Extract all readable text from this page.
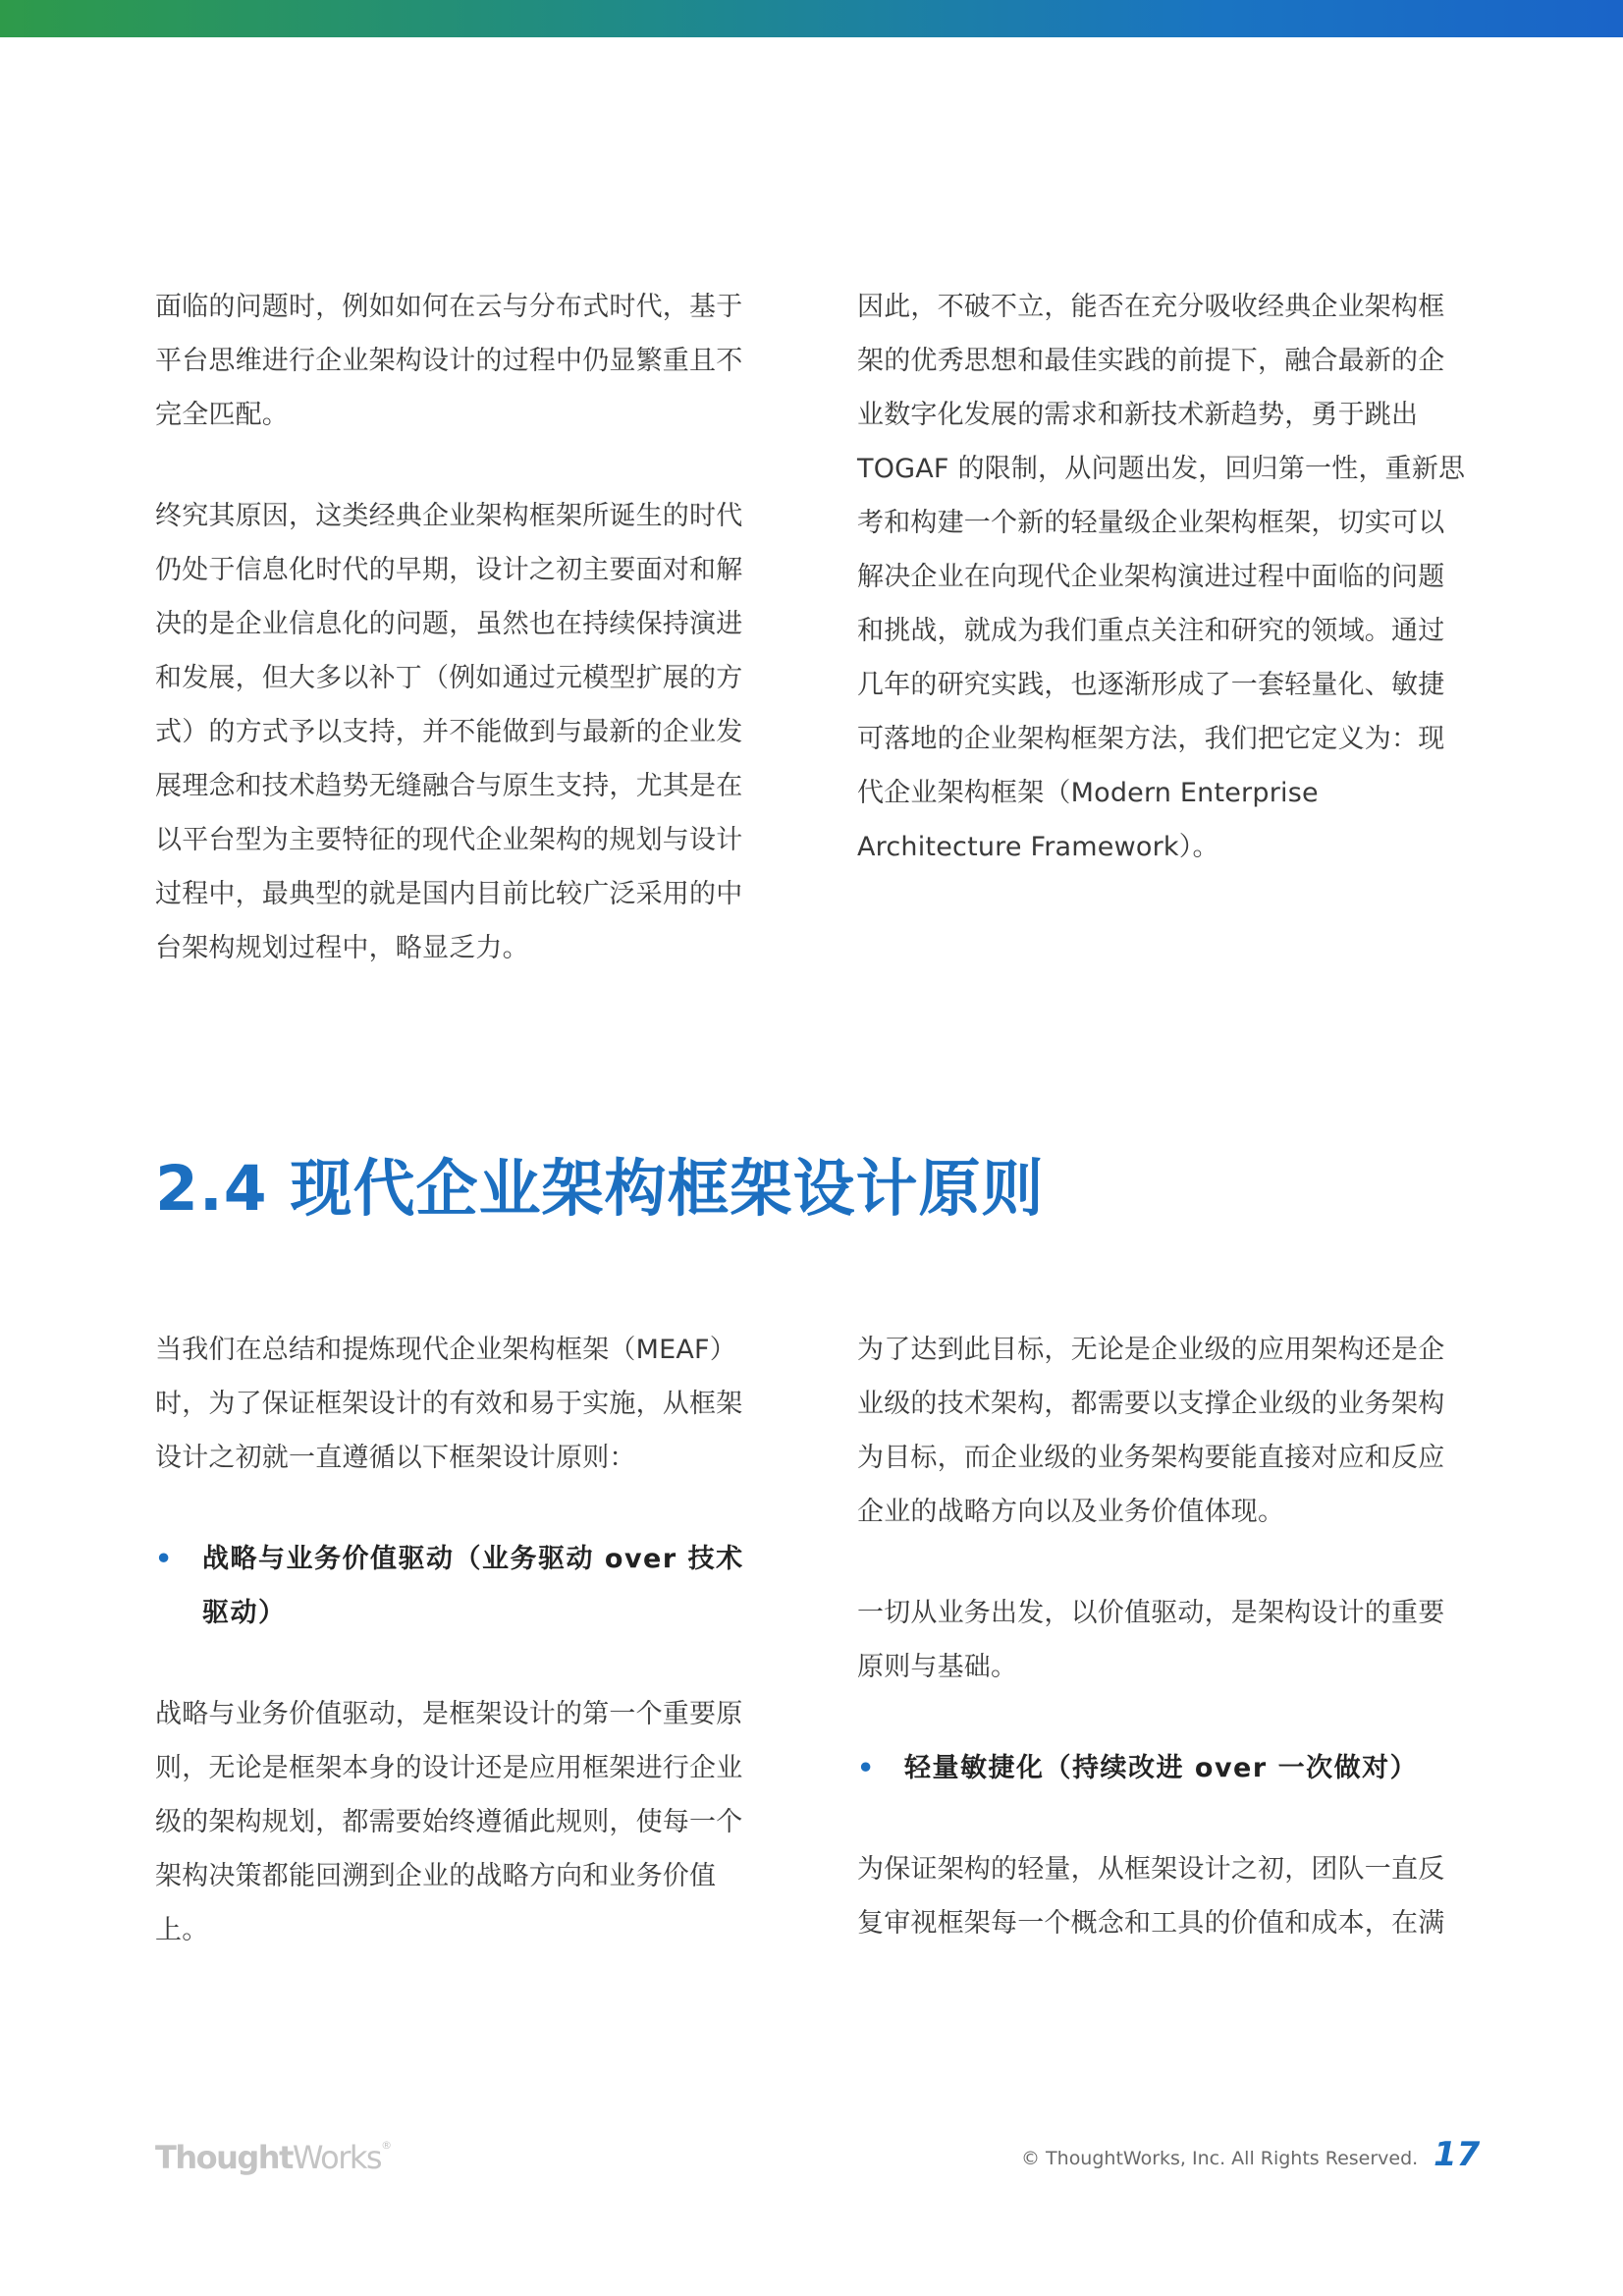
面临的问题时，例如如何在云与分布式时代，基于平台思维进行企业架构设计的过程中仍显繁重且不完全匹配。

终究其原因，这类经典企业架构框架所诞生的时代仍处于信息化时代的早期，设计之初主要面对和解决的是企业信息化的问题，虽然也在持续保持演进和发展，但大多以补丁（例如通过元模型扩展的方式）的方式予以支持，并不能做到与最新的企业发展理念和技术趋势无缝融合与原生支持，尤其是在以平台型为主要特征的现代企业架构的规划与设计过程中，最典型的就是国内目前比较广泛采用的中台架构规划过程中，略显乏力。

因此，不破不立，能否在充分吸收经典企业架构框架的优秀思想和最佳实践的前提下，融合最新的企业数字化发展的需求和新技术新趋势，勇于跳出 TOGAF 的限制，从问题出发，回归第一性，重新思考和构建一个新的轻量级企业架构框架，切实可以解决企业在向现代企业架构演进过程中面临的问题和挑战，就成为我们重点关注和研究的领域。通过几年的研究实践，也逐渐形成了一套轻量化、敏捷可落地的企业架构框架方法，我们把它定义为：现代企业架构框架（Modern Enterprise Architecture Framework）。

2.4 现代企业架构框架设计原则

当我们在总结和提炼现代企业架构框架（MEAF）时，为了保证框架设计的有效和易于实施，从框架设计之初就一直遵循以下框架设计原则：

• 战略与业务价值驱动（业务驱动 over 技术驱动）

战略与业务价值驱动，是框架设计的第一个重要原则，无论是框架本身的设计还是应用框架进行企业级的架构规划，都需要始终遵循此规则，使每一个架构决策都能回溯到企业的战略方向和业务价值上。

为了达到此目标，无论是企业级的应用架构还是企业级的技术架构，都需要以支撑企业级的业务架构为目标，而企业级的业务架构要能直接对应和反应企业的战略方向以及业务价值体现。

一切从业务出发，以价值驱动，是架构设计的重要原则与基础。

• 轻量敏捷化（持续改进 over 一次做对）

为保证架构的轻量，从框架设计之初，团队一直反复审视框架每一个概念和工具的价值和成本，在满

ThoughtWorks®
© ThoughtWorks, Inc. All Rights Reserved. 17
